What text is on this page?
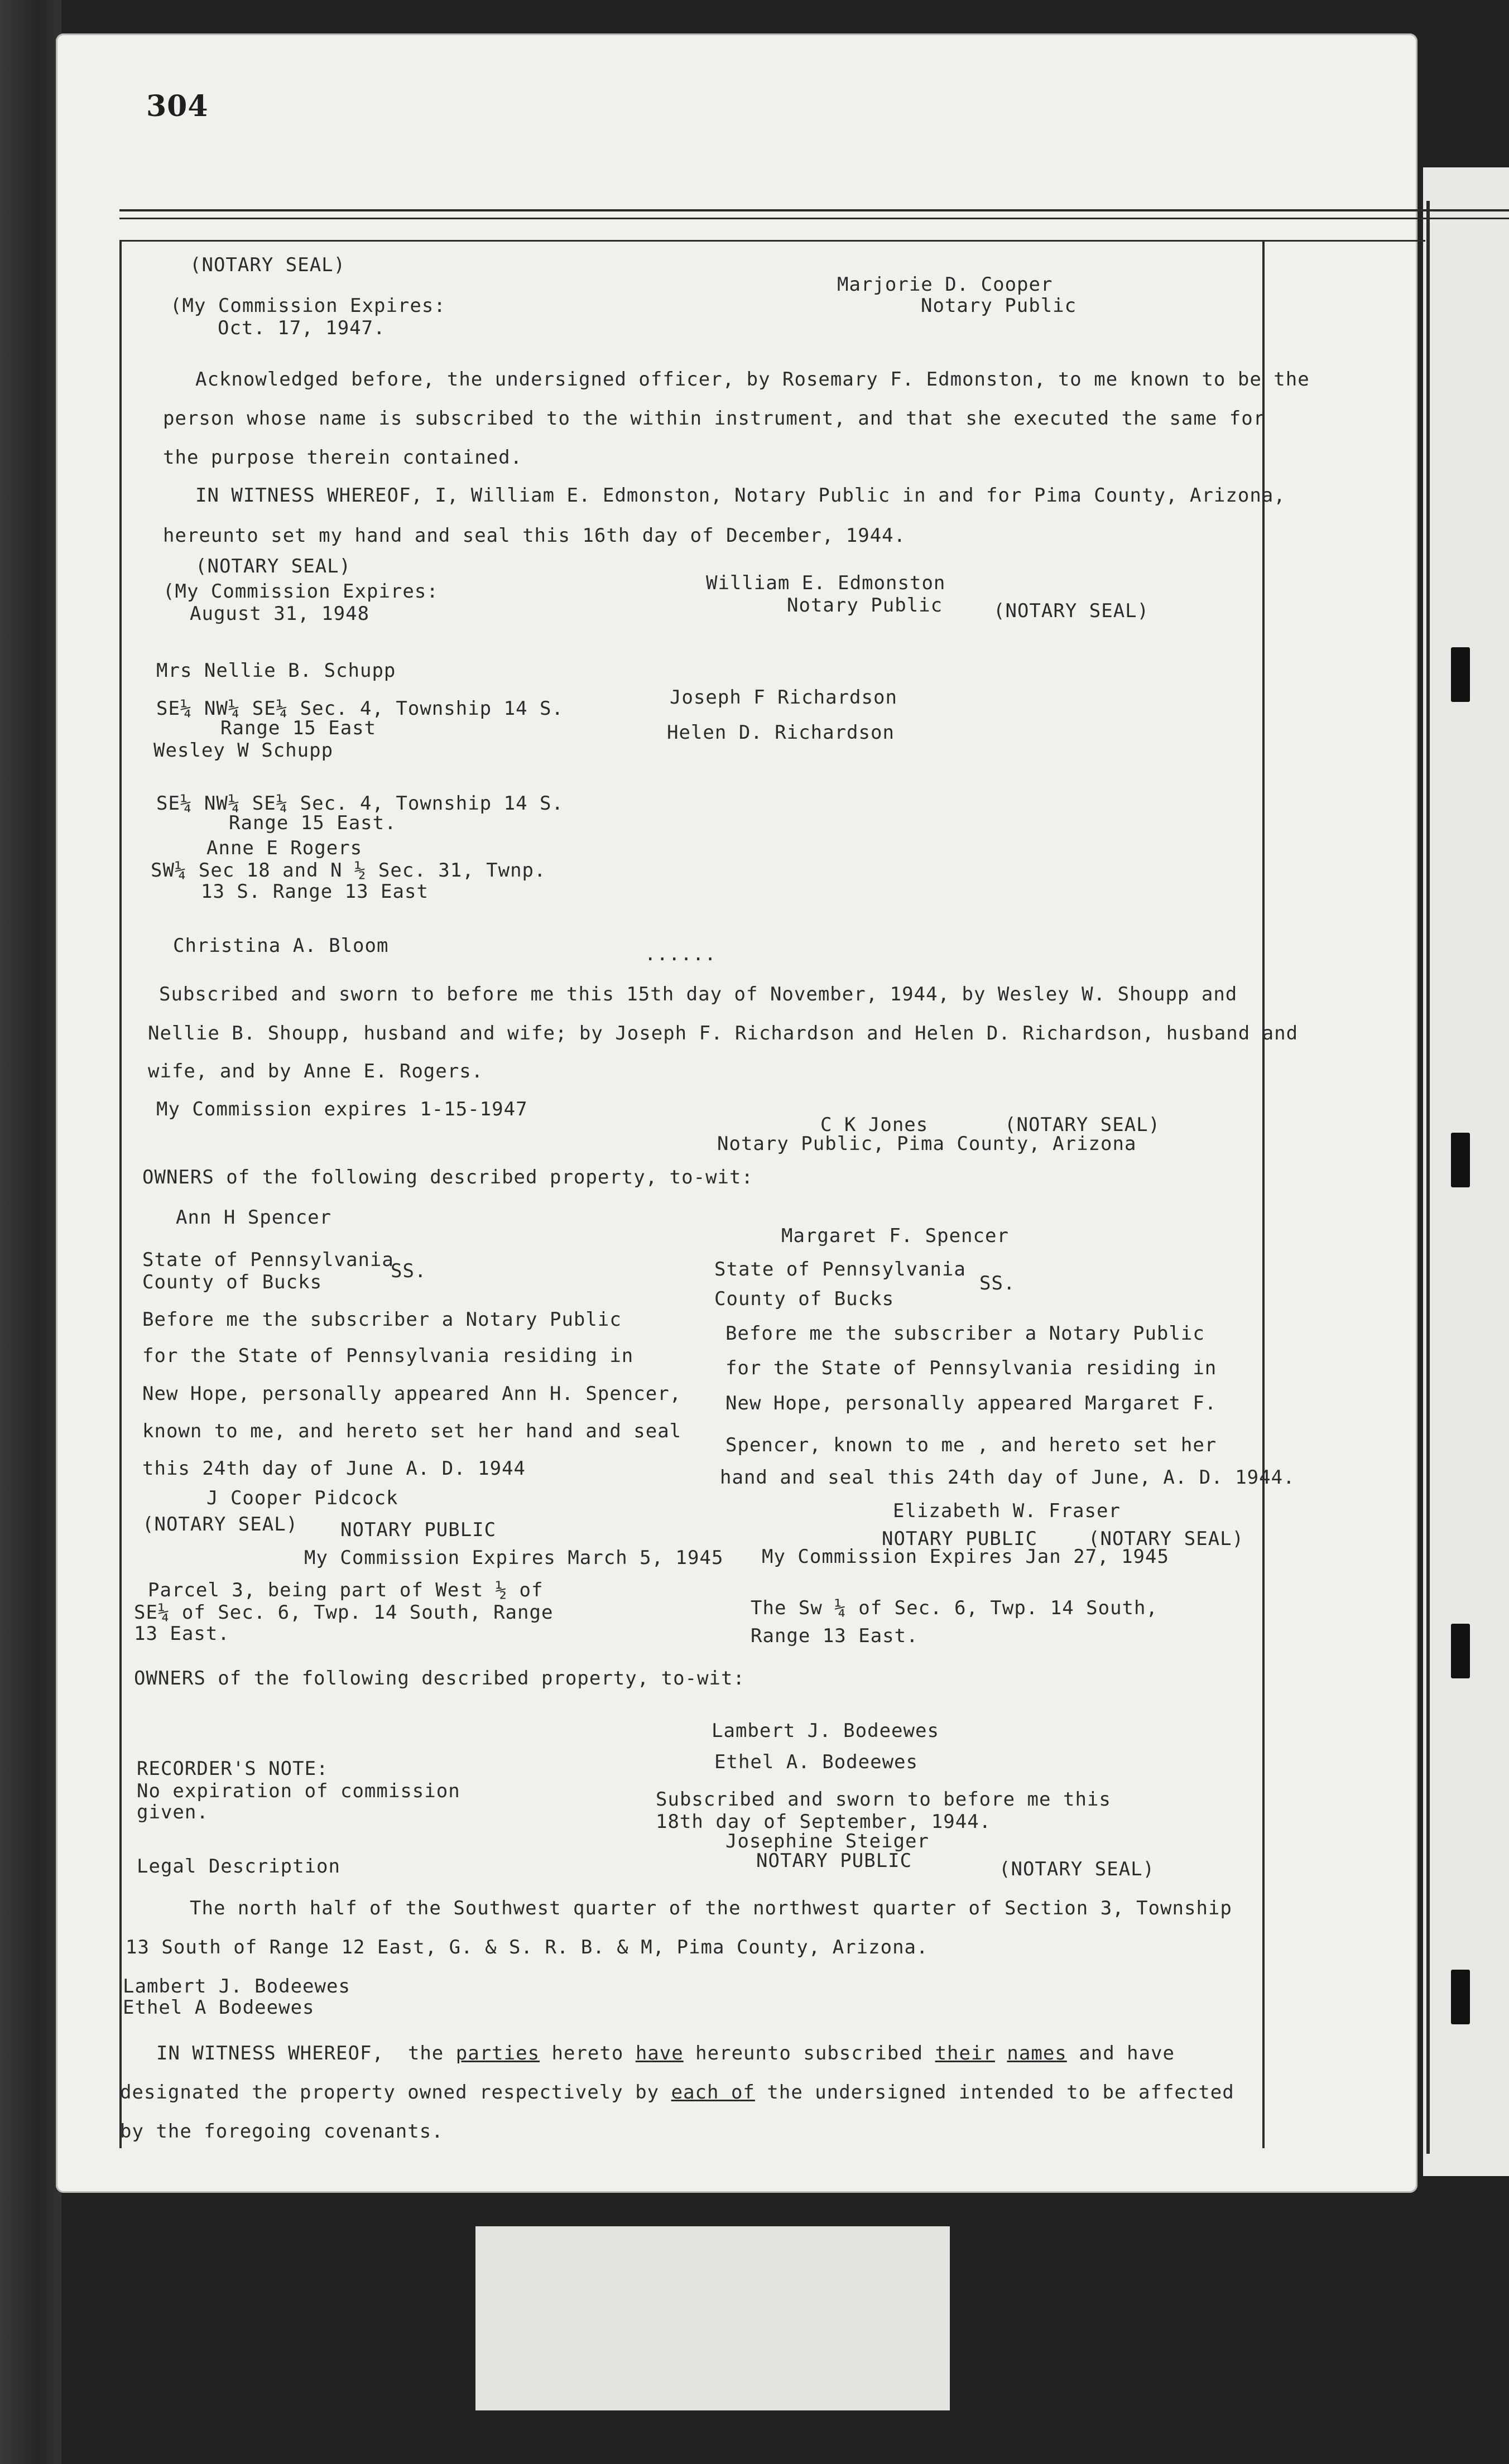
304
(NOTARY SEAL)
(My Commission Expires:
Oct. 17, 1947.
Marjorie D. Cooper
Notary Public
Acknowledged before, the undersigned officer, by Rosemary F. Edmonston, to me known to be the
person whose name is subscribed to the within instrument, and that she executed the same for
the purpose therein contained.
IN WITNESS WHEREOF, I, William E. Edmonston, Notary Public in and for Pima County, Arizona,
hereunto set my hand and seal this 16th day of December, 1944.
(NOTARY SEAL)
(My Commission Expires:
August 31, 1948
William E. Edmonston
Notary Public	(NOTARY SEAL)
Mrs Nellie B. Schupp
SE¼ NW¼ SE¼ Sec. 4, Township 14 S.
Range 15 East
Wesley W Schupp
Joseph F Richardson
Helen D. Richardson
SE¼ NW¼ SE¼ Sec. 4, Township 14 S.
Range 15 East.
Anne E Rogers
SW¼ Sec 18 and N ½ Sec. 31, Twnp.
13 S. Range 13 East
Christina A. Bloom	......
Subscribed and sworn to before me this 15th day of November, 1944, by Wesley W. Shoupp and
Nellie B. Shoupp, husband and wife; by Joseph F. Richardson and Helen D. Richardson, husband and
wife, and by Anne E. Rogers.
My Commission expires 1-15-1947
C K Jones	(NOTARY SEAL)
Notary Public, Pima County, Arizona
OWNERS of the following described property, to-wit:
Ann H Spencer
Margaret F. Spencer
State of Pennsylvania
County of Bucks	SS.	State of Pennsylvania
County of Bucks
SS.
Before me the subscriber a Notary Public
for the State of Pennsylvania residing in
New Hope, personally appeared Ann H. Spencer,
known to me, and hereto set her hand and seal
this 24th day of June A. D. 1944
J Cooper Pidcock
(NOTARY SEAL) NOTARY PUBLIC
My Commission Expires March 5, 1945
Before me the subscriber a Notary Public
for the State of Pennsylvania residing in
New Hope, personally appeared Margaret F.
Spencer, known to me , and hereto set her
hand and seal this 24th day of June, A. D. 1944.
Elizabeth W. Fraser
NOTARY PUBLIC	(NOTARY SEAL)
My Commission Expires Jan 27, 1945
Parcel 3, being part of West ½ of
SE¼ of Sec. 6, Twp. 14 South, Range
13 East.
The Sw ¼ of Sec. 6, Twp. 14 South,
Range 13 East.
OWNERS of the following described property, to-wit:
Lambert J. Bodeewes
Ethel A. Bodeewes
RECORDER'S NOTE:
No expiration of commission
given.
Subscribed and sworn to before me this
18th day of September, 1944.
Josephine Steiger
NOTARY PUBLIC	(NOTARY SEAL)
Legal Description
The north half of the Southwest quarter of the northwest quarter of Section 3, Township
13 South of Range 12 East, G. & S. R. B. & M, Pima County, Arizona.
Lambert J. Bodeewes
Ethel A Bodeewes
IN WITNESS WHEREOF,  the parties hereto have hereunto subscribed their names and have
designated the property owned respectively by each of the undersigned intended to be affected
by the foregoing covenants.
